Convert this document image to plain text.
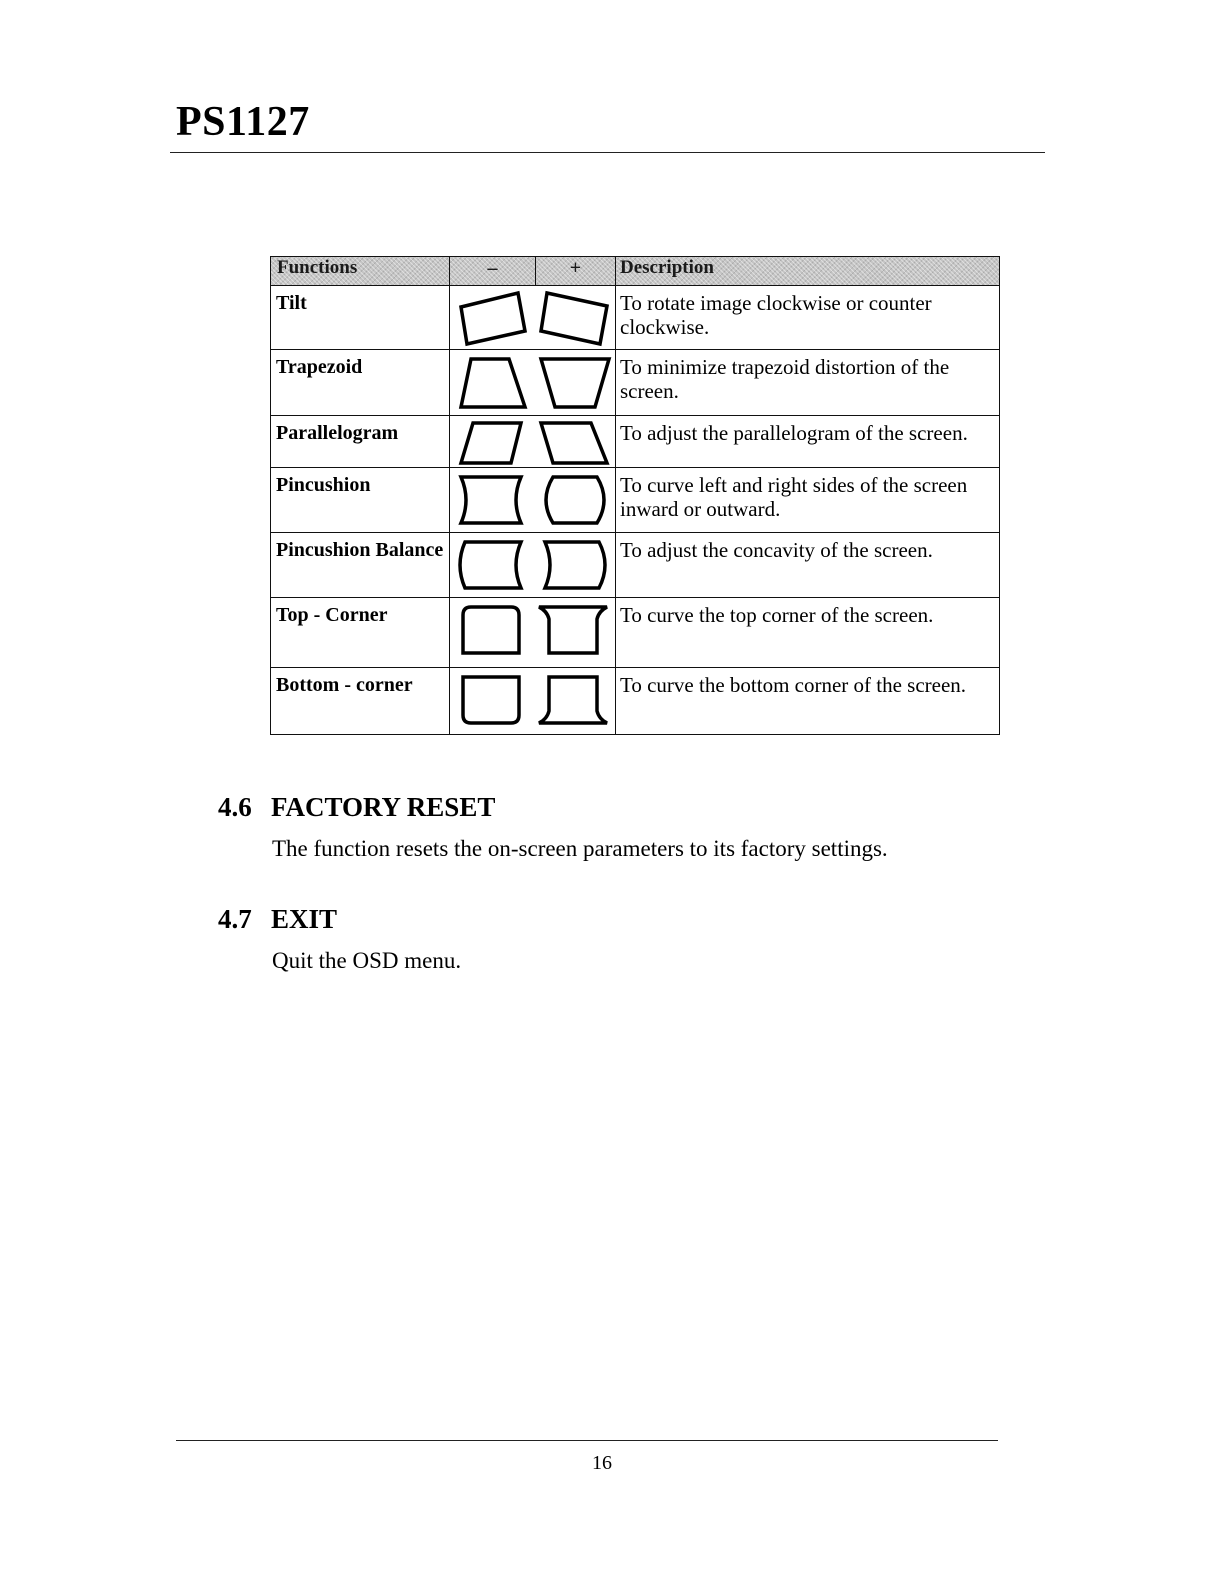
PS1127
Functions	–	+	Description
Tilt			To rotate image clockwise or counter clockwise.
Trapezoid			To minimize trapezoid distortion of the screen.
Parallelogram			To adjust the parallelogram of the screen.
Pincushion			To curve left and right sides of the screen inward or outward.
Pincushion Balance			To adjust the concavity of the screen.
Top - Corner			To curve the top corner of the screen.
Bottom - corner			To curve the bottom corner of the screen.
4.6 FACTORY RESET

The function resets the on-screen parameters to its factory settings.

4.7 EXIT

Quit the OSD menu.

16
